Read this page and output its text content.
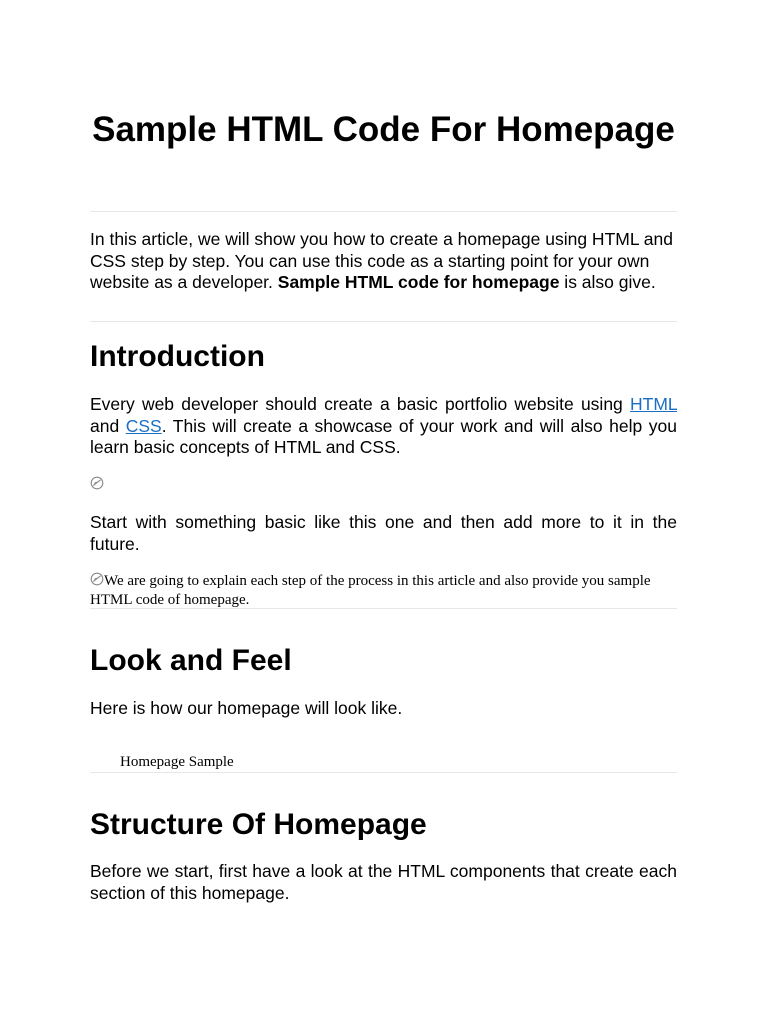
Sample HTML Code For Homepage

In this article, we will show you how to create a homepage using HTML and CSS step by step. You can use this code as a starting point for your own website as a developer. Sample HTML code for homepage is also give.

Introduction

Every web developer should create a basic portfolio website using HTML and CSS. This will create a showcase of your work and will also help you learn basic concepts of HTML and CSS.

Start with something basic like this one and then add more to it in the future.

We are going to explain each step of the process in this article and also provide you sample HTML code of homepage.

Look and Feel

Here is how our homepage will look like.

Homepage Sample
Structure Of Homepage

Before we start, first have a look at the HTML components that create each section of this homepage.
